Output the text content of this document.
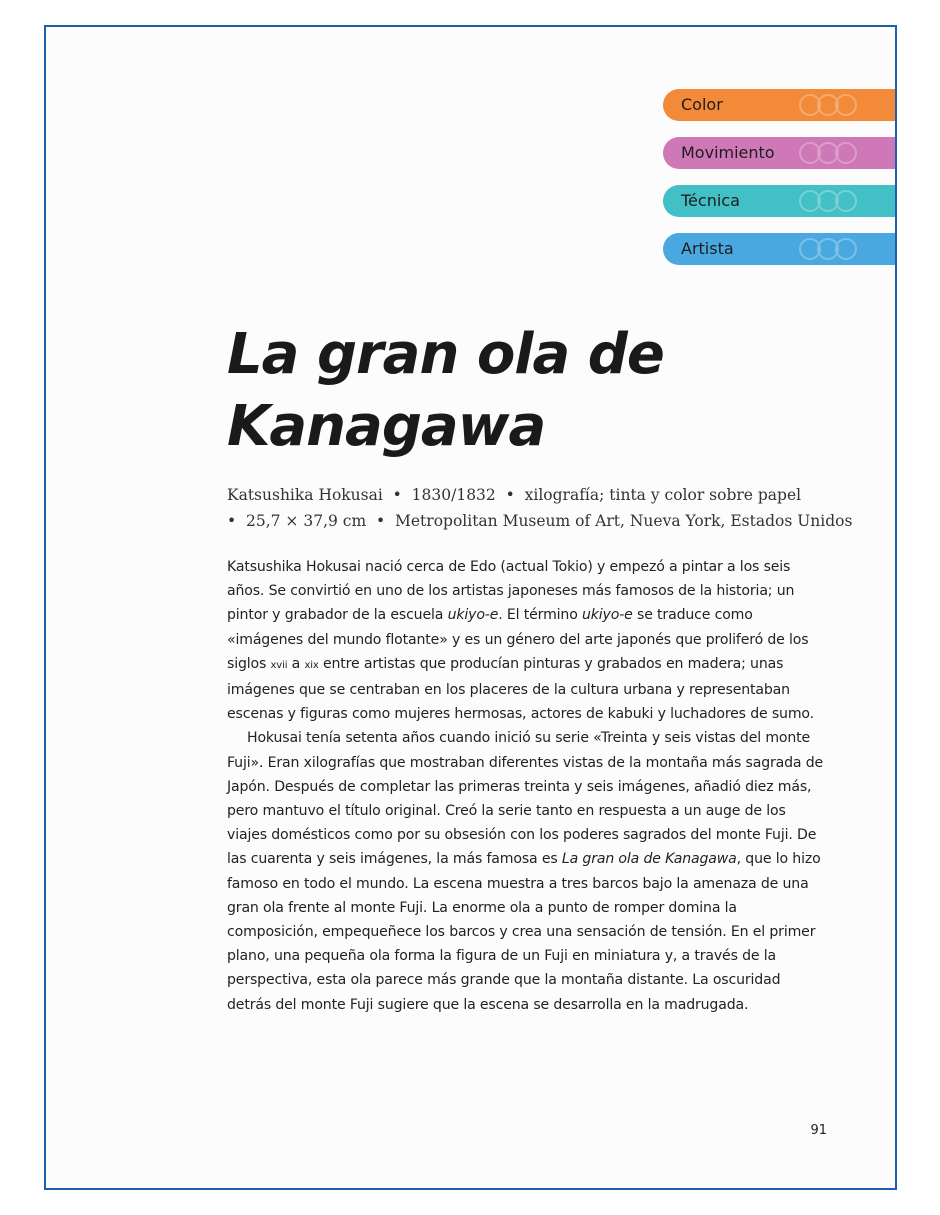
Color
Movimiento
Técnica
Artista
La gran ola de
Kanagawa
Katsushika Hokusai  •  1830/1832  •  xilografía; tinta y color sobre papel
•  25,7 × 37,9 cm  •  Metropolitan Museum of Art, Nueva York, Estados Unidos

Katsushika Hokusai nació cerca de Edo (actual Tokio) y empezó a pintar a los seis años. Se convirtió en uno de los artistas japoneses más famosos de la historia; un pintor y grabador de la escuela ukiyo-e. El término ukiyo-e se traduce como «imágenes del mundo flotante» y es un género del arte japonés que proliferó de los siglos xvii a xix entre artistas que producían pinturas y grabados en madera; unas imágenes que se centraban en los placeres de la cultura urbana y representaban escenas y figuras como mujeres hermosas, actores de kabuki y luchadores de sumo.

Hokusai tenía setenta años cuando inició su serie «Treinta y seis vistas del monte Fuji». Eran xilografías que mostraban diferentes vistas de la montaña más sagrada de Japón. Después de completar las primeras treinta y seis imágenes, añadió diez más, pero mantuvo el título original. Creó la serie tanto en respuesta a un auge de los viajes domésticos como por su obsesión con los poderes sagrados del monte Fuji. De las cuarenta y seis imágenes, la más famosa es La gran ola de Kanagawa, que lo hizo famoso en todo el mundo. La escena muestra a tres barcos bajo la amenaza de una gran ola frente al monte Fuji. La enorme ola a punto de romper domina la composición, empequeñece los barcos y crea una sensación de tensión. En el primer plano, una pequeña ola forma la figura de un Fuji en miniatura y, a través de la perspectiva, esta ola parece más grande que la montaña distante. La oscuridad detrás del monte Fuji sugiere que la escena se desarrolla en la madrugada.

91
